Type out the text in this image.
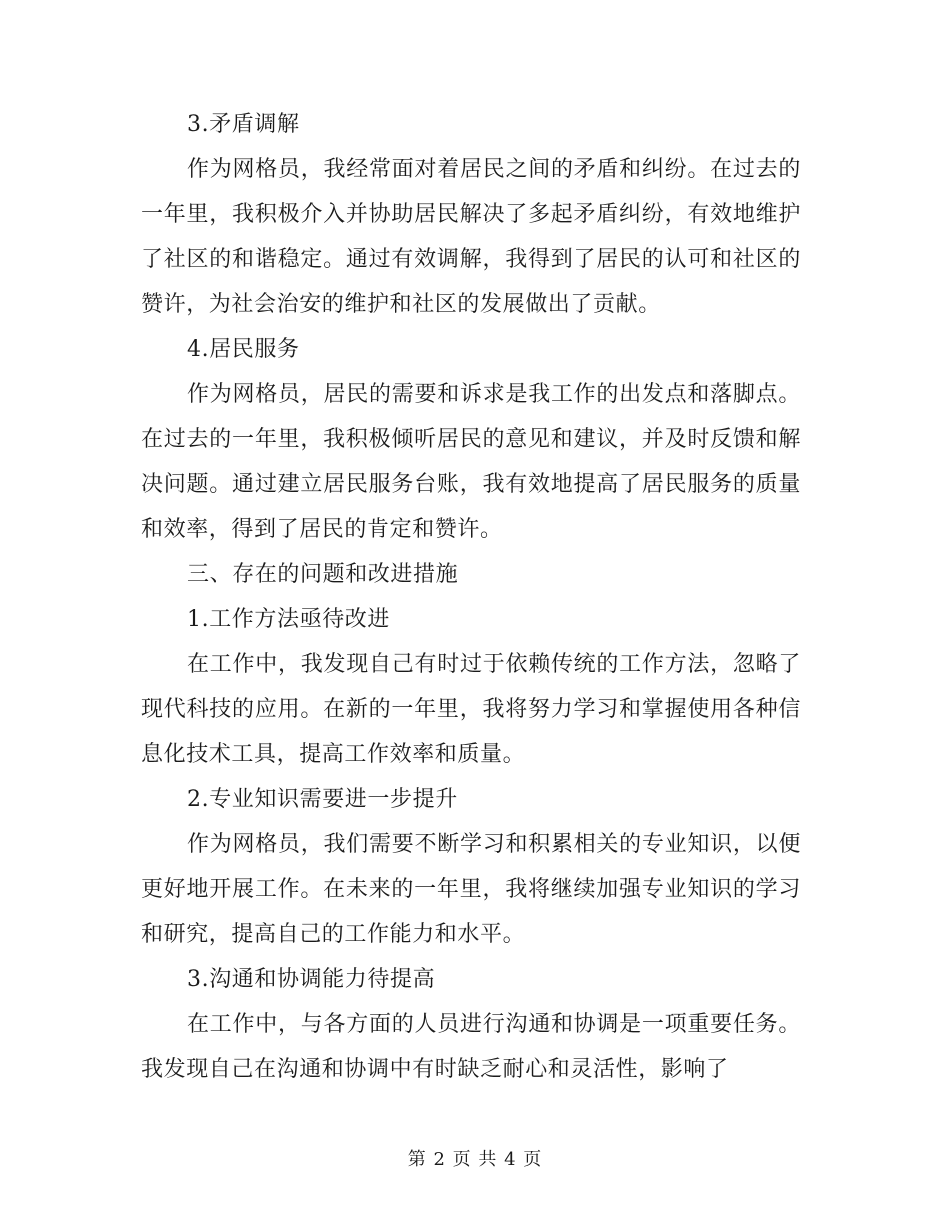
3.矛盾调解

作为网格员，我经常面对着居民之间的矛盾和纠纷。在过去的一年里，我积极介入并协助居民解决了多起矛盾纠纷，有效地维护了社区的和谐稳定。通过有效调解，我得到了居民的认可和社区的赞许，为社会治安的维护和社区的发展做出了贡献。

4.居民服务

作为网格员，居民的需要和诉求是我工作的出发点和落脚点。在过去的一年里，我积极倾听居民的意见和建议，并及时反馈和解决问题。通过建立居民服务台账，我有效地提高了居民服务的质量和效率，得到了居民的肯定和赞许。

三、存在的问题和改进措施

1.工作方法亟待改进

在工作中，我发现自己有时过于依赖传统的工作方法，忽略了现代科技的应用。在新的一年里，我将努力学习和掌握使用各种信息化技术工具，提高工作效率和质量。

2.专业知识需要进一步提升

作为网格员，我们需要不断学习和积累相关的专业知识，以便更好地开展工作。在未来的一年里，我将继续加强专业知识的学习和研究，提高自己的工作能力和水平。

3.沟通和协调能力待提高

在工作中，与各方面的人员进行沟通和协调是一项重要任务。我发现自己在沟通和协调中有时缺乏耐心和灵活性，影响了

第 2 页 共 4 页
